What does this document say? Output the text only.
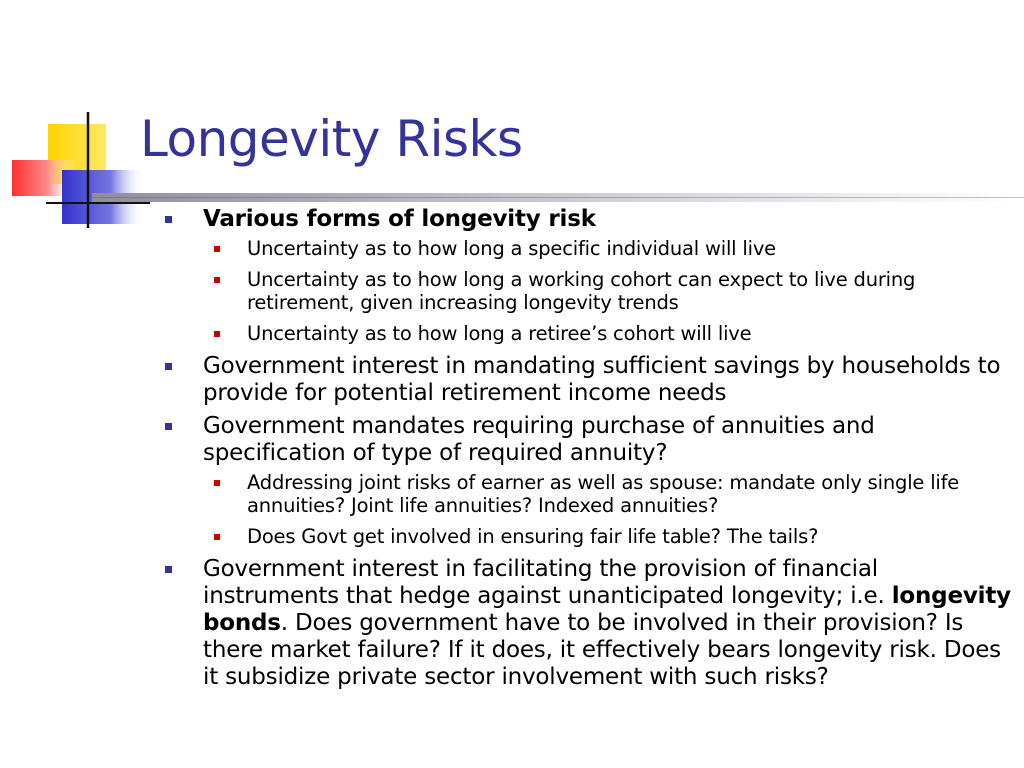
Longevity Risks
Various forms of longevity risk
Uncertainty as to how long a specific individual will live
Uncertainty as to how long a working cohort can expect to live during retirement, given increasing longevity trends
Uncertainty as to how long a retiree’s cohort will live
Government interest in mandating sufficient savings by households to provide for potential retirement income needs
Government mandates requiring purchase of annuities and specification of type of required annuity?
Addressing joint risks of earner as well as spouse: mandate only single life annuities? Joint life annuities? Indexed annuities?
Does Govt get involved in ensuring fair life table? The tails?
Government interest in facilitating the provision of financial instruments that hedge against unanticipated longevity; i.e. longevity bonds. Does government have to be involved in their provision? Is there market failure? If it does, it effectively bears longevity risk. Does it subsidize private sector involvement with such risks?
